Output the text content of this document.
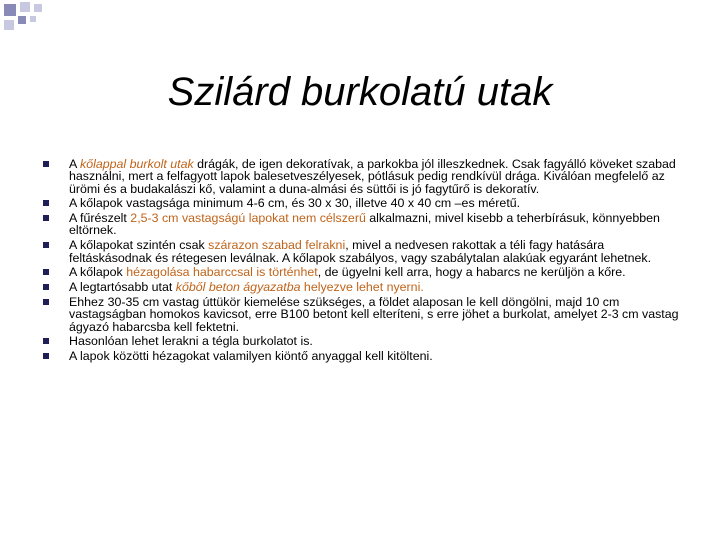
Szilárd burkolatú utak
A kőlappal burkolt utak drágák, de igen dekoratívak, a parkokba jól illeszkednek. Csak fagyálló köveket szabad használni, mert a felfagyott lapok balesetveszélyesek, pótlásuk pedig rendkívül drága. Kiválóan megfelelő az ürömi és a budakalászi kő, valamint a duna-almási és süttői is jó fagytűrő is dekoratív.
A kőlapok vastagsága minimum 4-6 cm, és 30 x 30, illetve 40 x 40 cm –es méretű.
A fűrészelt 2,5-3 cm vastagságú lapokat nem célszerű alkalmazni, mivel kisebb a teherbírásuk, könnyebben eltörnek.
A kőlapokat szintén csak szárazon szabad felrakni, mivel a nedvesen rakottak a téli fagy hatására feltáskásodnak és rétegesen leválnak. A kőlapok szabályos, vagy szabálytalan alakúak egyaránt lehetnek.
A kőlapok hézagolása habarccsal is történhet, de ügyelni kell arra, hogy a habarcs ne kerüljön a kőre.
A legtartósabb utat kőből beton ágyazatba helyezve lehet nyerni.
Ehhez 30-35 cm vastag úttükör kiemelése szükséges, a földet alaposan le kell döngölni, majd 10 cm vastagságban homokos kavicsot, erre B100 betont kell elteríteni, s erre jöhet a burkolat, amelyet 2-3 cm vastag ágyazó habarcsba kell fektetni.
Hasonlóan lehet lerakni a tégla burkolatot is.
A lapok közötti hézagokat valamilyen kiöntő anyaggal kell kitölteni.
